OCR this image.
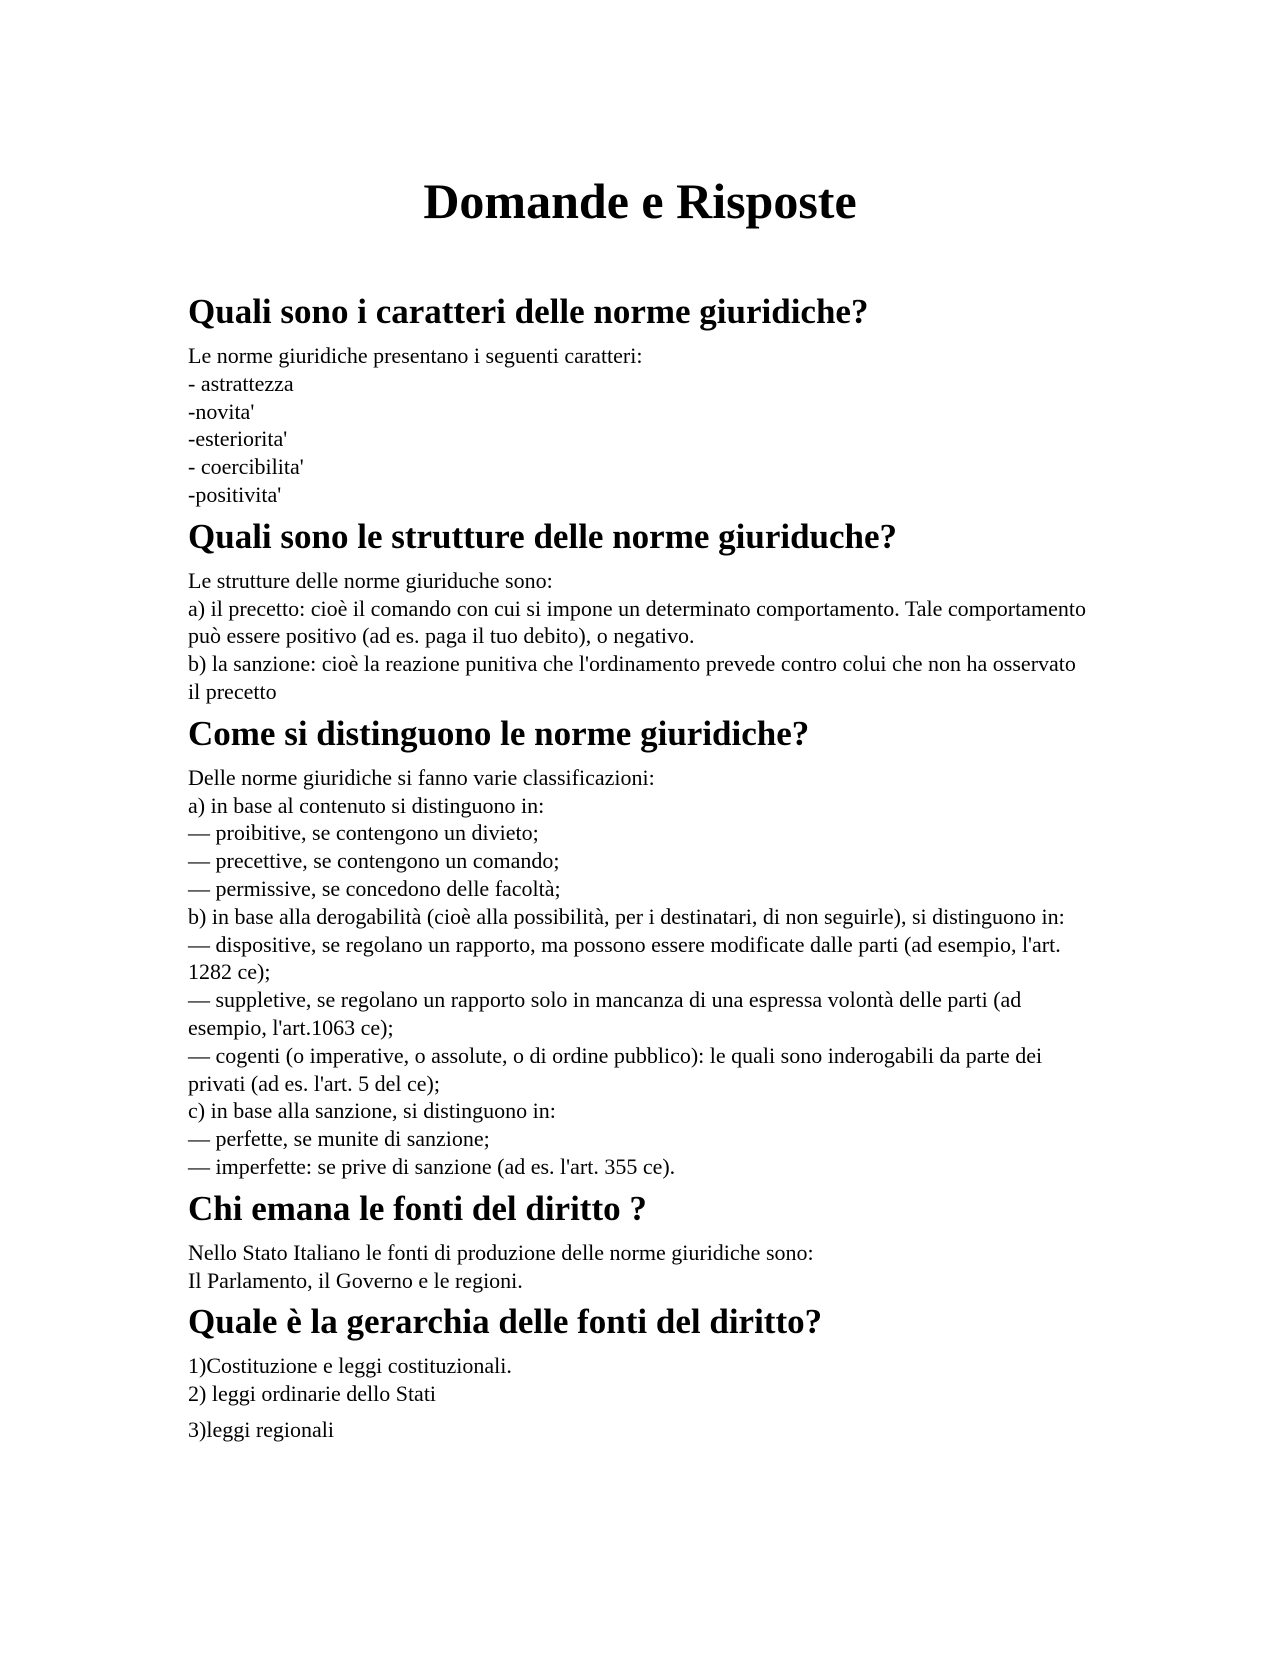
Domande e Risposte
Quali sono i caratteri delle norme giuridiche?
Le norme giuridiche presentano i seguenti caratteri:
- astrattezza
-novita'
-esteriorita'
- coercibilita'
-positivita'
Quali sono le strutture delle norme giuriduche?
Le strutture delle norme giuriduche sono:
a) il precetto: cioè il comando con cui si impone un determinato comportamento. Tale comportamento può essere positivo (ad es. paga il tuo debito), o negativo.
b) la sanzione: cioè la reazione punitiva che l'ordinamento prevede contro colui che non ha osservato il precetto
Come si distinguono le norme giuridiche?
Delle norme giuridiche si fanno varie classificazioni:
a) in base al contenuto si distinguono in:
— proibitive, se contengono un divieto;
— precettive, se contengono un comando;
— permissive, se concedono delle facoltà;
b) in base alla derogabilità (cioè alla possibilità, per i destinatari, di non seguirle), si distinguono in:
— dispositive, se regolano un rapporto, ma possono essere modificate dalle parti (ad esempio, l'art. 1282 ce);
— suppletive, se regolano un rapporto solo in mancanza di una espressa volontà delle parti (ad esempio, l'art.1063 ce);
— cogenti (o imperative, o assolute, o di ordine pubblico): le quali sono inderogabili da parte dei privati (ad es. l'art. 5 del ce);
c) in base alla sanzione, si distinguono in:
— perfette, se munite di sanzione;
— imperfette: se prive di sanzione (ad es. l'art. 355 ce).
Chi emana le fonti del diritto ?
Nello Stato Italiano le fonti di produzione delle norme giuridiche sono:
Il Parlamento, il Governo e le regioni.
Quale è la gerarchia delle fonti del diritto?
1)Costituzione e leggi costituzionali.
2) leggi ordinarie dello Stati
3)leggi regionali
